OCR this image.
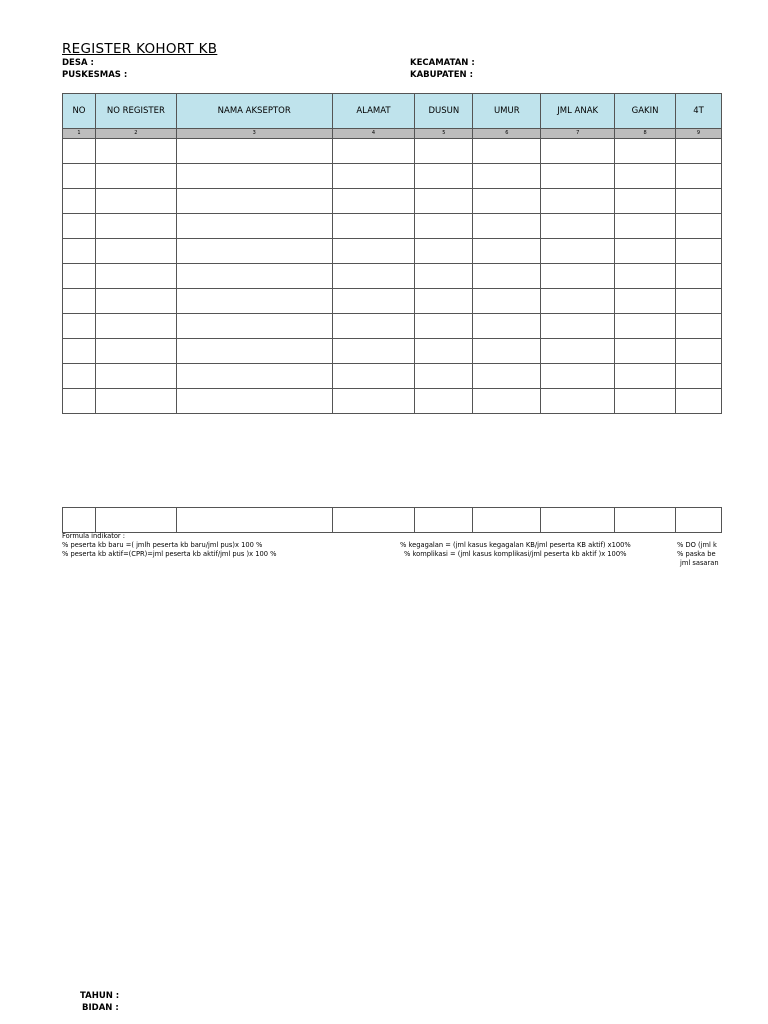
REGISTER KOHORT KB
DESA :
PUSKESMAS :
KECAMATAN :
KABUPATEN :
NO	NO REGISTER	NAMA AKSEPTOR	ALAMAT	DUSUN	UMUR	JML ANAK	GAKIN	4T
1	2	3	4	5	6	7	8	9

Formula indikator :
% peserta kb baru =( jmlh peserta kb baru/jml pus)x 100 %
% peserta kb aktif=(CPR)=jml peserta kb aktif/jml pus )x 100 %
% kegagalan = (jml kasus kegagalan KB/jml peserta KB aktif) x100%
% komplikasi = (jml kasus komplikasi/jml peserta kb aktif )x 100%
% DO (jml k
% paska be
jml sasaran
TAHUN :
BIDAN :
